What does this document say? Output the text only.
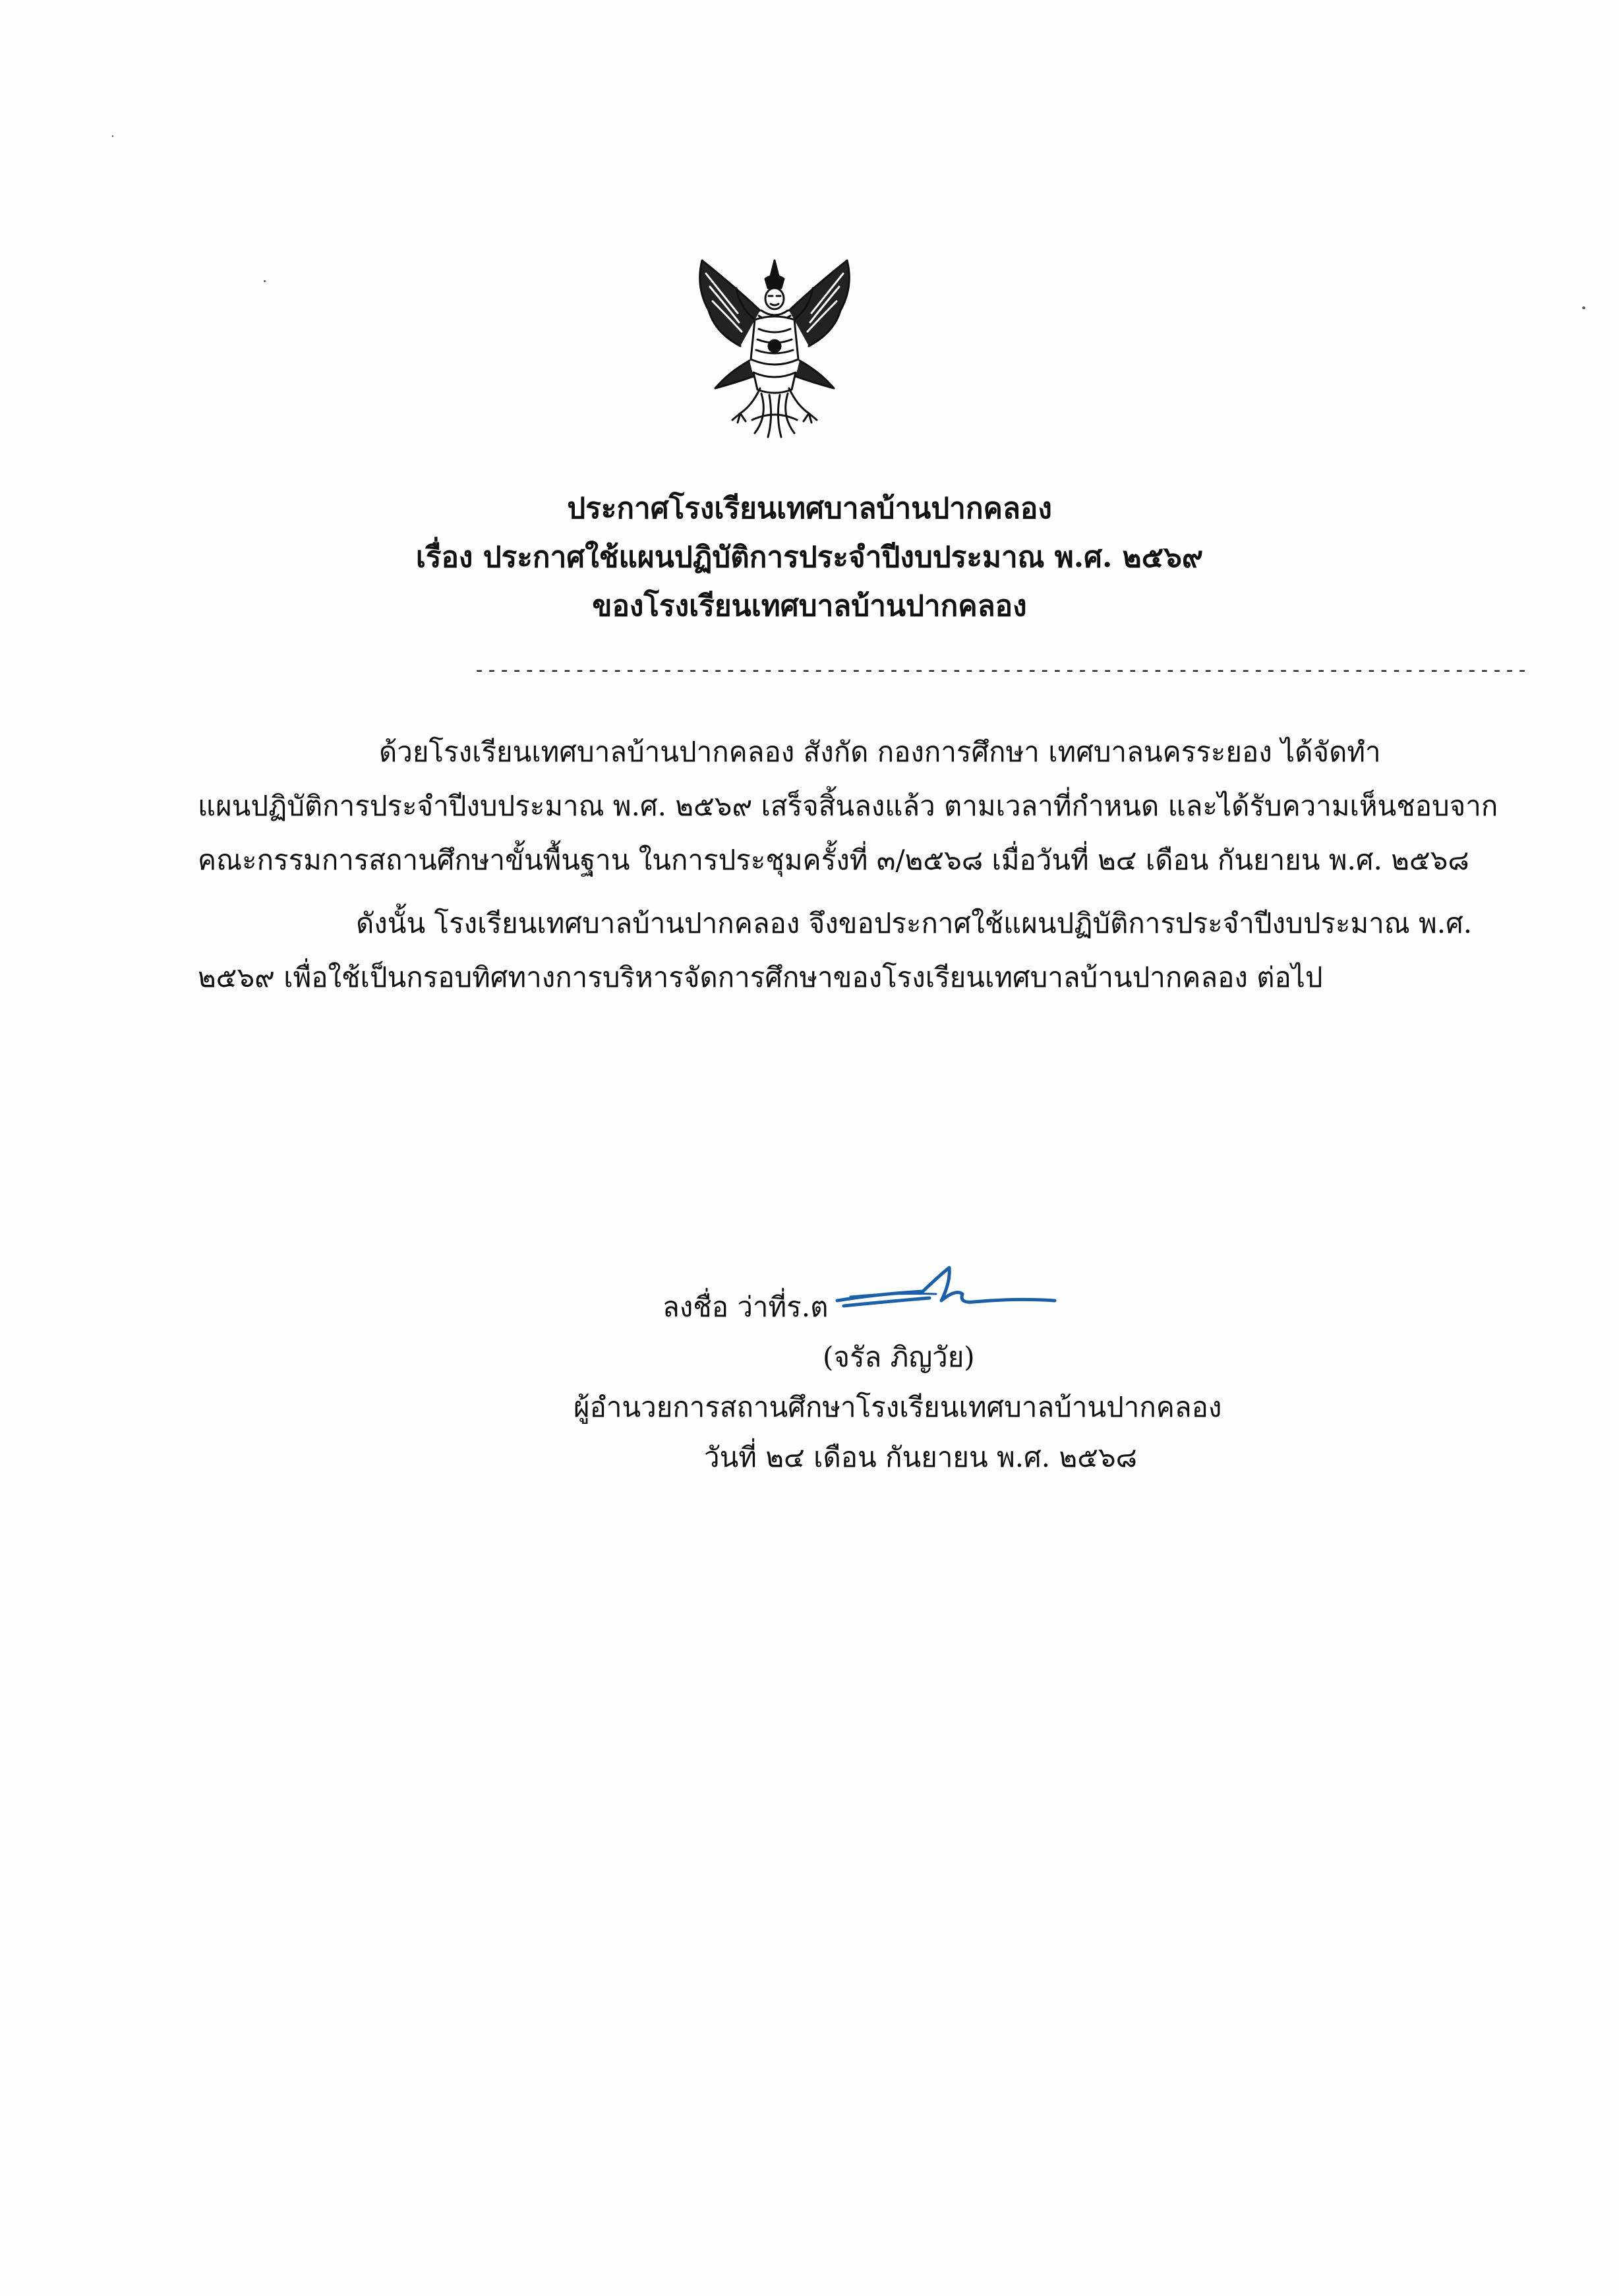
ประกาศโรงเรียนเทศบาลบ้านปากคลอง
เรื่อง ประกาศใช้แผนปฏิบัติการประจำปีงบประมาณ พ.ศ. ๒๕๖๙
ของโรงเรียนเทศบาลบ้านปากคลอง
------------------------------------------------------------------------------------
ด้วยโรงเรียนเทศบาลบ้านปากคลอง สังกัด กองการศึกษา เทศบาลนครระยอง ได้จัดทำ
แผนปฏิบัติการประจำปีงบประมาณ พ.ศ. ๒๕๖๙ เสร็จสิ้นลงแล้ว ตามเวลาที่กำหนด และได้รับความเห็นชอบจาก
คณะกรรมการสถานศึกษาขั้นพื้นฐาน ในการประชุมครั้งที่ ๓/๒๕๖๘ เมื่อวันที่ ๒๔ เดือน กันยายน พ.ศ. ๒๕๖๘
ดังนั้น โรงเรียนเทศบาลบ้านปากคลอง จึงขอประกาศใช้แผนปฏิบัติการประจำปีงบประมาณ พ.ศ.
๒๕๖๙ เพื่อใช้เป็นกรอบทิศทางการบริหารจัดการศึกษาของโรงเรียนเทศบาลบ้านปากคลอง ต่อไป
ลงชื่อ ว่าที่ร.ต
(จรัล ภิญวัย)
ผู้อำนวยการสถานศึกษาโรงเรียนเทศบาลบ้านปากคลอง
วันที่ ๒๔ เดือน กันยายน พ.ศ. ๒๕๖๘
